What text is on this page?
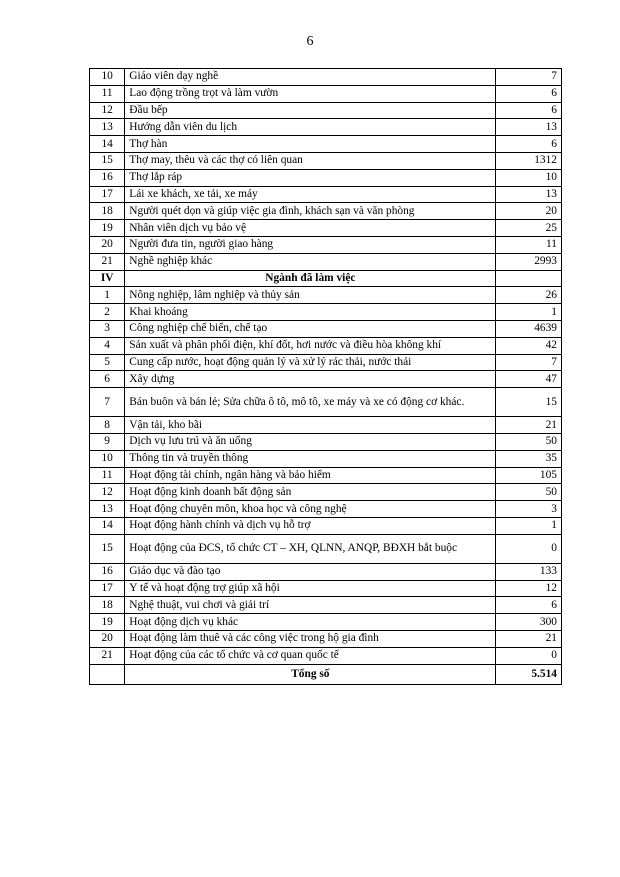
6
10	Giáo viên dạy nghề	7
11	Lao động trồng trọt và làm vườn	6
12	Đầu bếp	6
13	Hướng dẫn viên du lịch	13
14	Thợ hàn	6
15	Thợ may, thêu và các thợ có liên quan	1312
16	Thợ lắp ráp	10
17	Lái xe khách, xe tải, xe máy	13
18	Người quét dọn và giúp việc gia đình, khách sạn và văn phòng	20
19	Nhân viên dịch vụ bảo vệ	25
20	Người đưa tin, người giao hàng	11
21	Nghề nghiệp khác	2993
IV	Ngành đã làm việc	
1	Nông nghiệp, lâm nghiệp và thủy sản	26
2	Khai khoáng	1
3	Công nghiệp chế biến, chế tạo	4639
4	Sản xuất và phân phối điện, khí đốt, hơi nước và điều hòa không khí	42
5	Cung cấp nước, hoạt động quản lý và xử lý rác thải, nước thải	7
6	Xây dựng	47
7	Bán buôn và bán lẻ; Sửa chữa ô tô, mô tô, xe máy và xe có động cơ khác.	15
8	Vận tải, kho bãi	21
9	Dịch vụ lưu trú và ăn uống	50
10	Thông tin và truyền thông	35
11	Hoạt động tài chính, ngân hàng và bảo hiểm	105
12	Hoạt động kinh doanh bất động sản	50
13	Hoạt động chuyên môn, khoa học và công nghệ	3
14	Hoạt động hành chính và dịch vụ hỗ trợ	1
15	Hoạt động của ĐCS, tổ chức CT – XH, QLNN, ANQP, BĐXH bắt buộc	0
16	Giáo dục và đào tạo	133
17	Y tế và hoạt động trợ giúp xã hội	12
18	Nghệ thuật, vui chơi và giải trí	6
19	Hoạt động dịch vụ khác	300
20	Hoạt động làm thuê và các công việc trong hộ gia đình	21
21	Hoạt động của các tổ chức và cơ quan quốc tế	0
	Tổng số	5.514
